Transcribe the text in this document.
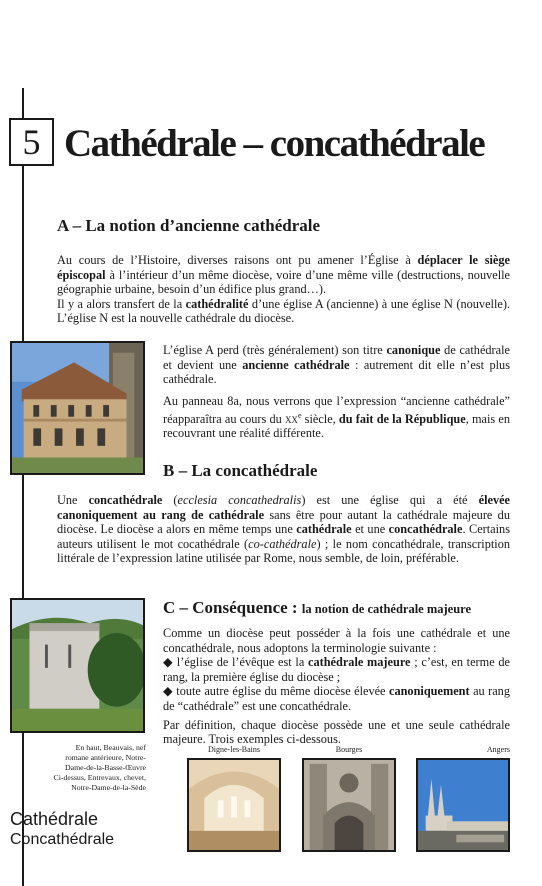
5 Cathédrale – concathédrale
A – La notion d’ancienne cathédrale

Au cours de l’Histoire, diverses raisons ont pu amener l’Église à déplacer le siège épiscopal à l’intérieur d’un même diocèse, voire d’une même ville (destructions, nouvelle géographie urbaine, besoin d’un édifice plus grand…).
Il y a alors transfert de la cathédralité d’une église A (ancienne) à une église N (nouvelle). L’église N est la nouvelle cathédrale du diocèse.

L’église A perd (très généralement) son titre canonique de cathédrale et devient une ancienne cathédrale : autrement dit elle n’est plus cathédrale.

Au panneau 8a, nous verrons que l’expression “ancienne cathédrale” réapparaîtra au cours du $xx^e$ siècle, du fait de la République, mais en recouvrant une réalité différente.

B – La concathédrale

Une concathédrale (ecclesia concathedralis) est une église qui a été élevée canoniquement au rang de cathédrale sans être pour autant la cathédrale majeure du diocèse. Le diocèse a alors en même temps une cathédrale et une concathédrale. Certains auteurs utilisent le mot cocathédrale (co-cathédrale) ; le nom concathédrale, transcription littérale de l’expression latine utilisée par Rome, nous semble, de loin, préférable.

C – Conséquence : la notion de cathédrale majeure

Comme un diocèse peut posséder à la fois une cathédrale et une concathédrale, nous adoptons la terminologie suivante :

◆ l’église de l’évêque est la cathédrale majeure ; c’est, en terme de rang, la première église du diocèse ;

◆ toute autre église du même diocèse élevée canoniquement au rang de “cathédrale” est une concathédrale.

Par définition, chaque diocèse possède une et une seule cathédrale majeure. Trois exemples ci-dessous.

En haut, Beauvais, nef
romane antérieure, Notre-
Dame-de-la-Basse-Œuvre
Ci-dessus, Entrevaux, chevet,
Notre-Dame-de-la-Sède

Digne-les-Bains	Bourges	Angers

Cathédrale

Concathédrale
